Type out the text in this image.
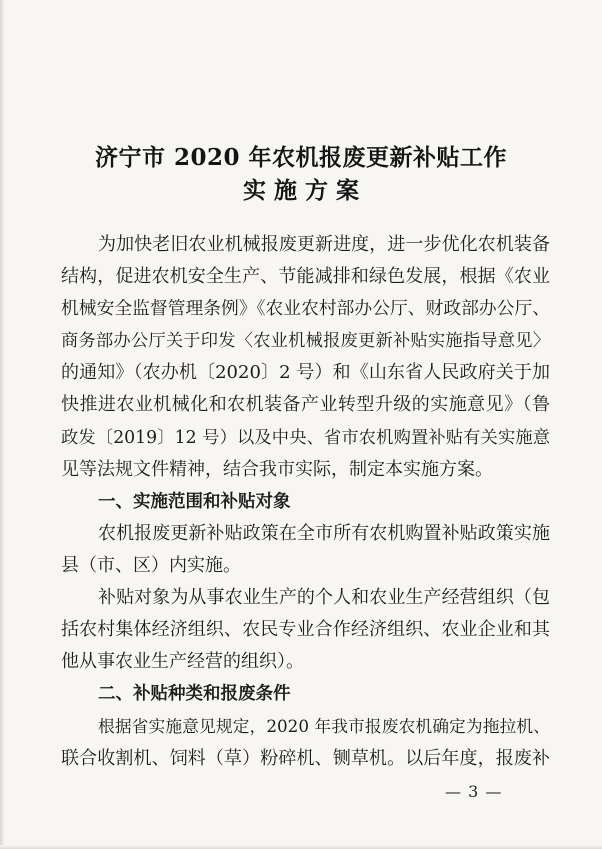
济宁市 2020 年农机报废更新补贴工作
实施方案
为加快老旧农业机械报废更新进度，进一步优化农机装备
结构，促进农机安全生产、节能减排和绿色发展，根据《农业
机械安全监督管理条例》《农业农村部办公厅、财政部办公厅、
商务部办公厅关于印发〈农业机械报废更新补贴实施指导意见〉
的通知》（农办机〔2020〕2 号）和《山东省人民政府关于加
快推进农业机械化和农机装备产业转型升级的实施意见》（鲁
政发〔2019〕12 号）以及中央、省市农机购置补贴有关实施意
见等法规文件精神，结合我市实际，制定本实施方案。
一、实施范围和补贴对象
农机报废更新补贴政策在全市所有农机购置补贴政策实施
县（市、区）内实施。
补贴对象为从事农业生产的个人和农业生产经营组织（包
括农村集体经济组织、农民专业合作经济组织、农业企业和其
他从事农业生产经营的组织）。
二、补贴种类和报废条件
根据省实施意见规定，2020 年我市报废农机确定为拖拉机、
联合收割机、饲料（草）粉碎机、铡草机。以后年度，报废补
— 3 —
